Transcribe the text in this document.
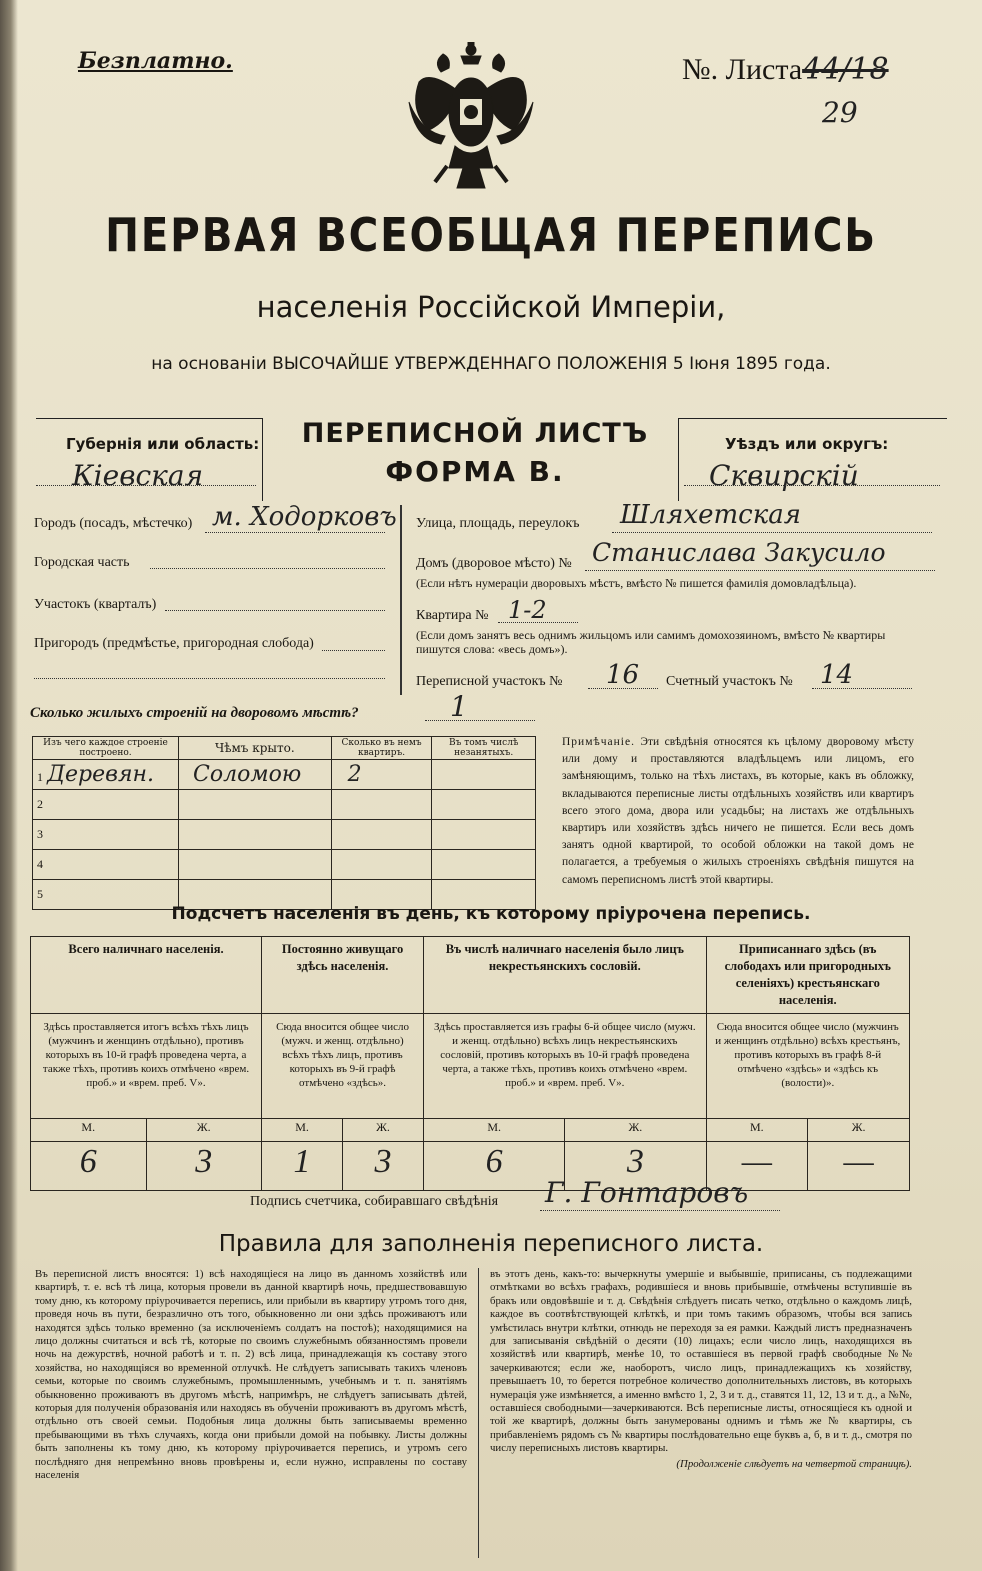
Безплатно.	№. Листа44/18
29
ПЕРВАЯ ВСЕОБЩАЯ ПЕРЕПИСЬ
населенія Россійской Имперіи,
на основаніи ВЫСОЧАЙШЕ УТВЕРЖДЕННАГО ПОЛОЖЕНІЯ 5 Іюня 1895 года.
Губернія или область:
Кіевская
ПЕРЕПИСНОЙ ЛИСТЪ
ФОРМА В.
Уѣздъ или округъ:
Сквирскій
Городъ (посадъ, мѣстечко) м. Ходорковъ
Городская часть
Участокъ (кварталъ)
Пригородъ (предмѣстье, пригородная слобода)
Улица, площадь, переулокъ Шляхетская
Домъ (дворовое мѣсто) № Станислава Закусило
(Если нѣтъ нумераціи дворовыхъ мѣстъ, вмѣсто № пишется фамилія домовладѣльца).
Квартира № 1-2
(Если домъ занятъ весь однимъ жильцомъ или самимъ домохозяиномъ, вмѣсто № квартиры пишутся слова: «весь домъ»).
Переписной участокъ № 16 Счетный участокъ № 14
Сколько жилыхъ строеній на дворовомъ мѣстѣ?	1
Изъ чего каждое строеніе построено.	Чѣмъ крыто.	Сколько въ немъ квартиръ.	Въ томъ числѣ незанятыхъ.
1 Деревян.	Соломою	2	
2			
3			
4			
5			
Примѣчаніе. Эти свѣдѣнія относятся къ цѣлому дворовому мѣсту или дому и проставляются владѣльцемъ или лицомъ, его замѣняющимъ, только на тѣхъ листахъ, въ которые, какъ въ обложку, вкладываются переписные листы отдѣльныхъ хозяйствъ или квартиръ всего этого дома, двора или усадьбы; на листахъ же отдѣльныхъ квартиръ или хозяйствъ здѣсь ничего не пишется. Если весь домъ занятъ одной квартирой, то особой обложки на такой домъ не полагается, а требуемыя о жилыхъ строеніяхъ свѣдѣнія пишутся на самомъ переписномъ листѣ этой квартиры.
Подсчетъ населенія въ день, къ которому пріурочена перепись.
Всего наличнаго населенія.		Постоянно живущаго здѣсь населенія.		Въ числѣ наличнаго населенія было лицъ некрестьянскихъ сословій.		Приписаннаго здѣсь (въ слободахъ или пригородныхъ селеніяхъ) крестьянскаго населенія.	
Здѣсь проставляется итогъ всѣхъ тѣхъ лицъ (мужчинъ и женщинъ отдѣльно), противъ которыхъ въ 10-й графѣ проведена черта, а также тѣхъ, противъ коихъ отмѣчено «врем. проб.» и «врем. преб. V».		Сюда вносится общее число (мужч. и женщ. отдѣльно) всѣхъ тѣхъ лицъ, противъ которыхъ въ 9-й графѣ отмѣчено «здѣсь».		Здѣсь проставляется изъ графы 6-й общее число (мужч. и женщ. отдѣльно) всѣхъ лицъ некрестьянскихъ сословій, противъ которыхъ въ 10-й графѣ проведена черта, а также тѣхъ, противъ коихъ отмѣчено «врем. проб.» и «врем. преб. V».		Сюда вносится общее число (мужчинъ и женщинъ отдѣльно) всѣхъ крестьянъ, противъ которыхъ въ графѣ 8-й отмѣчено «здѣсь» и «здѣсь къ (волости)».	
М.	Ж.	М.	Ж.	М.	Ж.	М.	Ж.
6	3	1	3	6	3	—	—
Подпись счетчика, собиравшаго свѣдѣнія Г. Гонтаровъ
Правила для заполненія переписного листа.
Въ переписной листъ вносятся: 1) всѣ находящіеся на лицо въ данномъ хозяйствѣ или квартирѣ, т. е. всѣ тѣ лица, которыя провели въ данной квартирѣ ночь, предшествовавшую тому дню, къ которому пріурочивается перепись, или прибыли въ квартиру утромъ того дня, проведя ночь въ пути, безразлично отъ того, обыкновенно ли они здѣсь проживаютъ или находятся здѣсь только временно (за исключеніемъ солдатъ на постоѣ); находящимися на лицо должны считаться и всѣ тѣ, которые по своимъ служебнымъ обязанностямъ провели ночь на дежурствѣ, ночной работѣ и т. п. 2) всѣ лица, принадлежащія къ составу этого хозяйства, но находящіяся во временной отлучкѣ. Не слѣдуетъ записывать такихъ членовъ семьи, которые по своимъ служебнымъ, промышленнымъ, учебнымъ и т. п. занятіямъ обыкновенно проживаютъ въ другомъ мѣстѣ, напримѣръ, не слѣдуетъ записывать дѣтей, которыя для полученія образованія или находясь въ обученіи проживаютъ въ другомъ мѣстѣ, отдѣльно отъ своей семьи. Подобныя лица должны быть записываемы временно пребывающими въ тѣхъ случаяхъ, когда они прибыли домой на побывку. Листы должны быть заполнены къ тому дню, къ которому пріурочивается перепись, и утромъ сего послѣдняго дня непремѣнно вновь провѣрены и, если нужно, исправлены по составу населенія
въ этотъ день, какъ-то: вычеркнуты умершіе и выбывшіе, приписаны, съ подлежащими отмѣтками во всѣхъ графахъ, родившіеся и вновь прибывшіе, отмѣчены вступившіе въ бракъ или овдовѣвшіе и т. д. Свѣдѣнія слѣдуетъ писать четко, отдѣльно о каждомъ лицѣ, каждое въ соотвѣтствующей клѣткѣ, и при томъ такимъ образомъ, чтобы вся запись умѣстилась внутри клѣтки, отнюдь не переходя за ея рамки. Каждый листъ предназначенъ для записыванія свѣдѣній о десяти (10) лицахъ; если число лицъ, находящихся въ хозяйствѣ или квартирѣ, менѣе 10, то оставшіеся въ первой графѣ свободные №№ зачеркиваются; если же, наоборотъ, число лицъ, принадлежащихъ къ хозяйству, превышаетъ 10, то берется потребное количество дополнительныхъ листовъ, въ которыхъ нумерація уже измѣняется, а именно вмѣсто 1, 2, 3 и т. д., ставятся 11, 12, 13 и т. д., а №№, оставшіеся свободными—зачеркиваются. Всѣ переписные листы, относящіеся къ одной и той же квартирѣ, должны быть занумерованы однимъ и тѣмъ же № квартиры, съ прибавленіемъ рядомъ съ № квартиры послѣдовательно еще буквъ а, б, в и т. д., смотря по числу переписныхъ листовъ квартиры.
(Продолженіе слѣдуетъ на четвертой страницѣ).
